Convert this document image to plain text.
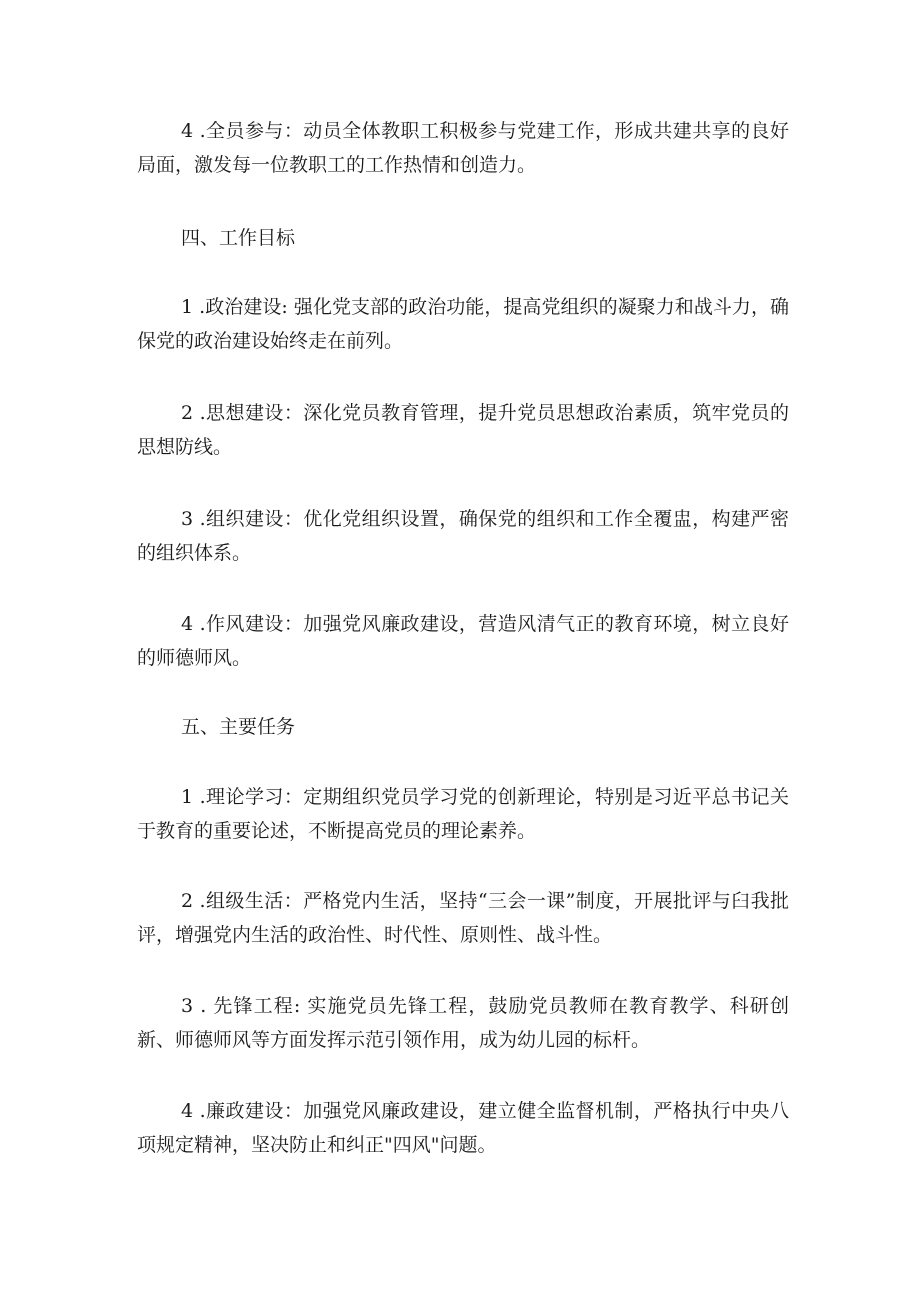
4 .全员参与：动员全体教职工积极参与党建工作，形成共建共享的良好局面，激发每一位教职工的工作热情和创造力。

四、工作目标

1 .政治建设: 强化党支部的政治功能，提高党组织的凝聚力和战斗力，确保党的政治建设始终走在前列。

2 .思想建设：深化党员教育管理，提升党员思想政治素质，筑牢党员的思想防线。

3 .组织建设：优化党组织设置，确保党的组织和工作全覆盅，构建严密的组织体系。

4 .作风建设：加强党风廉政建设，营造风清气正的教育环境，树立良好的师德师风。

五、主要任务

1 .理论学习：定期组织党员学习党的创新理论，特别是习近平总书记关于教育的重要论述，不断提高党员的理论素养。

2 .组级生活：严格党内生活，坚持“三会一课”制度，开展批评与臼我批评，增强党内生活的政治性、时代性、原则性、战斗性。

3 . 先锋工程: 实施党员先锋工程，鼓励党员教师在教育教学、科研创新、师德师风等方面发挥示范引领作用，成为幼儿园的标杆。

4 .廉政建设：加强党风廉政建设，建立健全监督机制，严格执行中央八项规定精神，坚决防止和纠正"四风"问题。
